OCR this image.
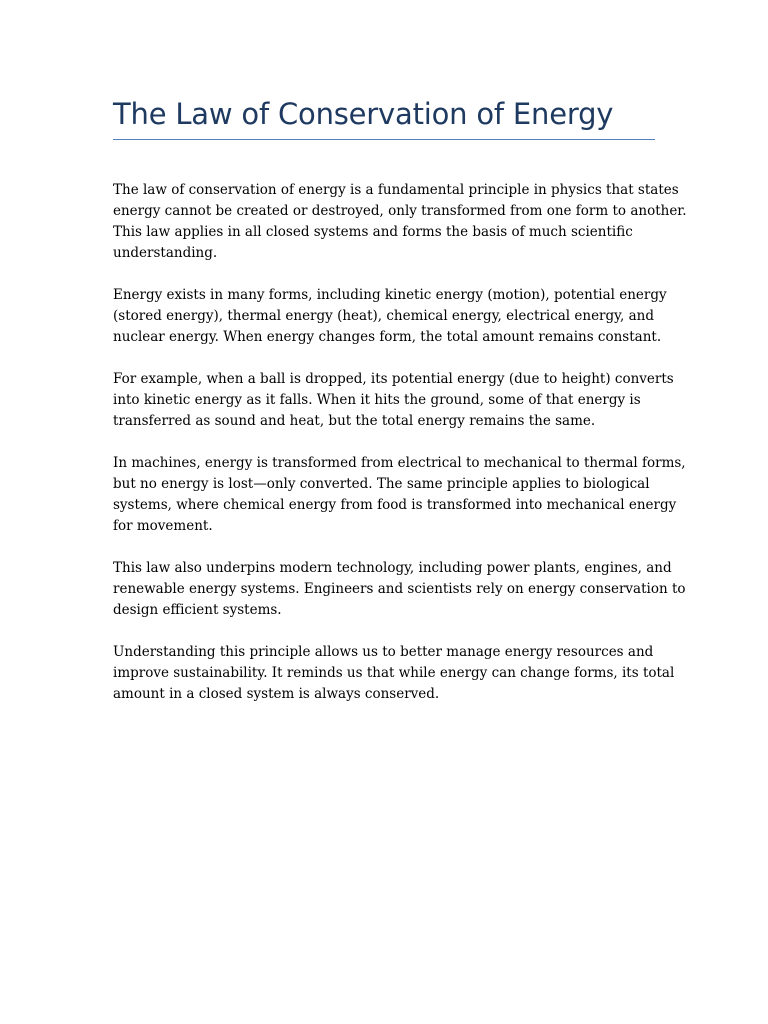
The Law of Conservation of Energy

The law of conservation of energy is a fundamental principle in physics that states
energy cannot be created or destroyed, only transformed from one form to another.
This law applies in all closed systems and forms the basis of much scientific
understanding.

Energy exists in many forms, including kinetic energy (motion), potential energy
(stored energy), thermal energy (heat), chemical energy, electrical energy, and
nuclear energy. When energy changes form, the total amount remains constant.

For example, when a ball is dropped, its potential energy (due to height) converts
into kinetic energy as it falls. When it hits the ground, some of that energy is
transferred as sound and heat, but the total energy remains the same.

In machines, energy is transformed from electrical to mechanical to thermal forms,
but no energy is lost—only converted. The same principle applies to biological
systems, where chemical energy from food is transformed into mechanical energy
for movement.

This law also underpins modern technology, including power plants, engines, and
renewable energy systems. Engineers and scientists rely on energy conservation to
design efficient systems.

Understanding this principle allows us to better manage energy resources and
improve sustainability. It reminds us that while energy can change forms, its total
amount in a closed system is always conserved.
